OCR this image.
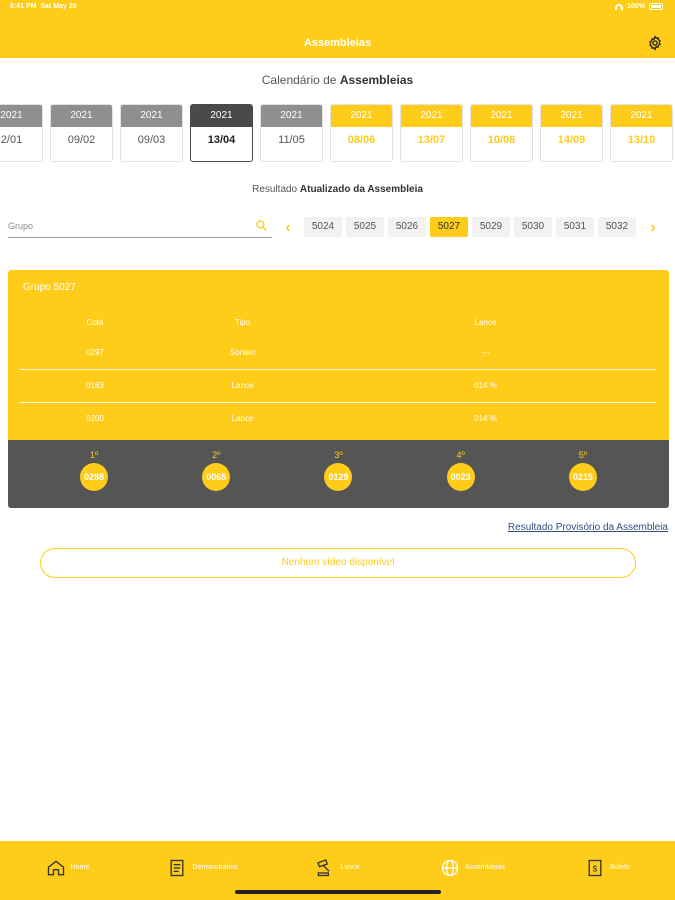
8:41 PM Sat May 29	100%
Assembleias
Calendário de Assembleias
2021
2/01
2021
09/02
2021
09/03
2021
13/04
2021
11/05
2021
08/06
2021
13/07
2021
10/08
2021
14/09
2021
13/10
Resultado Atualizado da Assembleia
Grupo
‹	5024	5025	5026	5027	5029	5030	5031	5032	›
Grupo 5027
Cota	Tipo	Lance
0297	Sorteio	---
0163	Lance	014 %
0200	Lance	014 %
1º
0288
2º
0065
3º
0129
4º
0023
5º
0215
Resultado Provisório da Assembleia
Nenhum vídeo disponível
Home	Demonstrativo	Lance	Assembleias	$ Boleto
